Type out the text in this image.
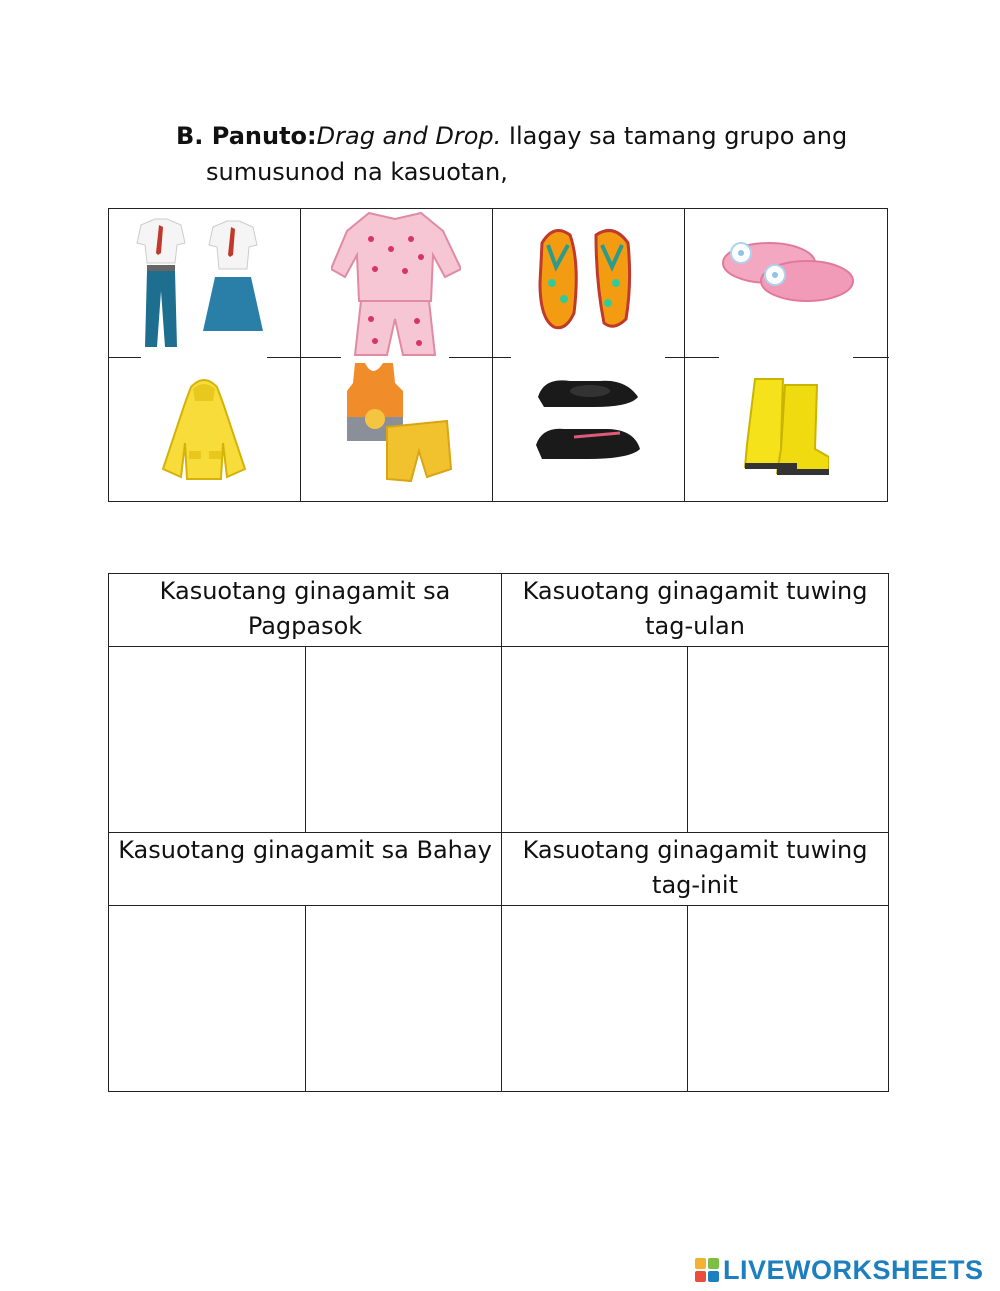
B. Panuto:Drag and Drop. Ilagay sa tamang grupo ang
sumusunod na kasuotan,
Kasuotang ginagamit sa Pagpasok		Kasuotang ginagamit tuwing tag-ulan	

Kasuotang ginagamit sa Bahay		Kasuotang ginagamit tuwing tag-init	

LIVEWORKSHEETS
